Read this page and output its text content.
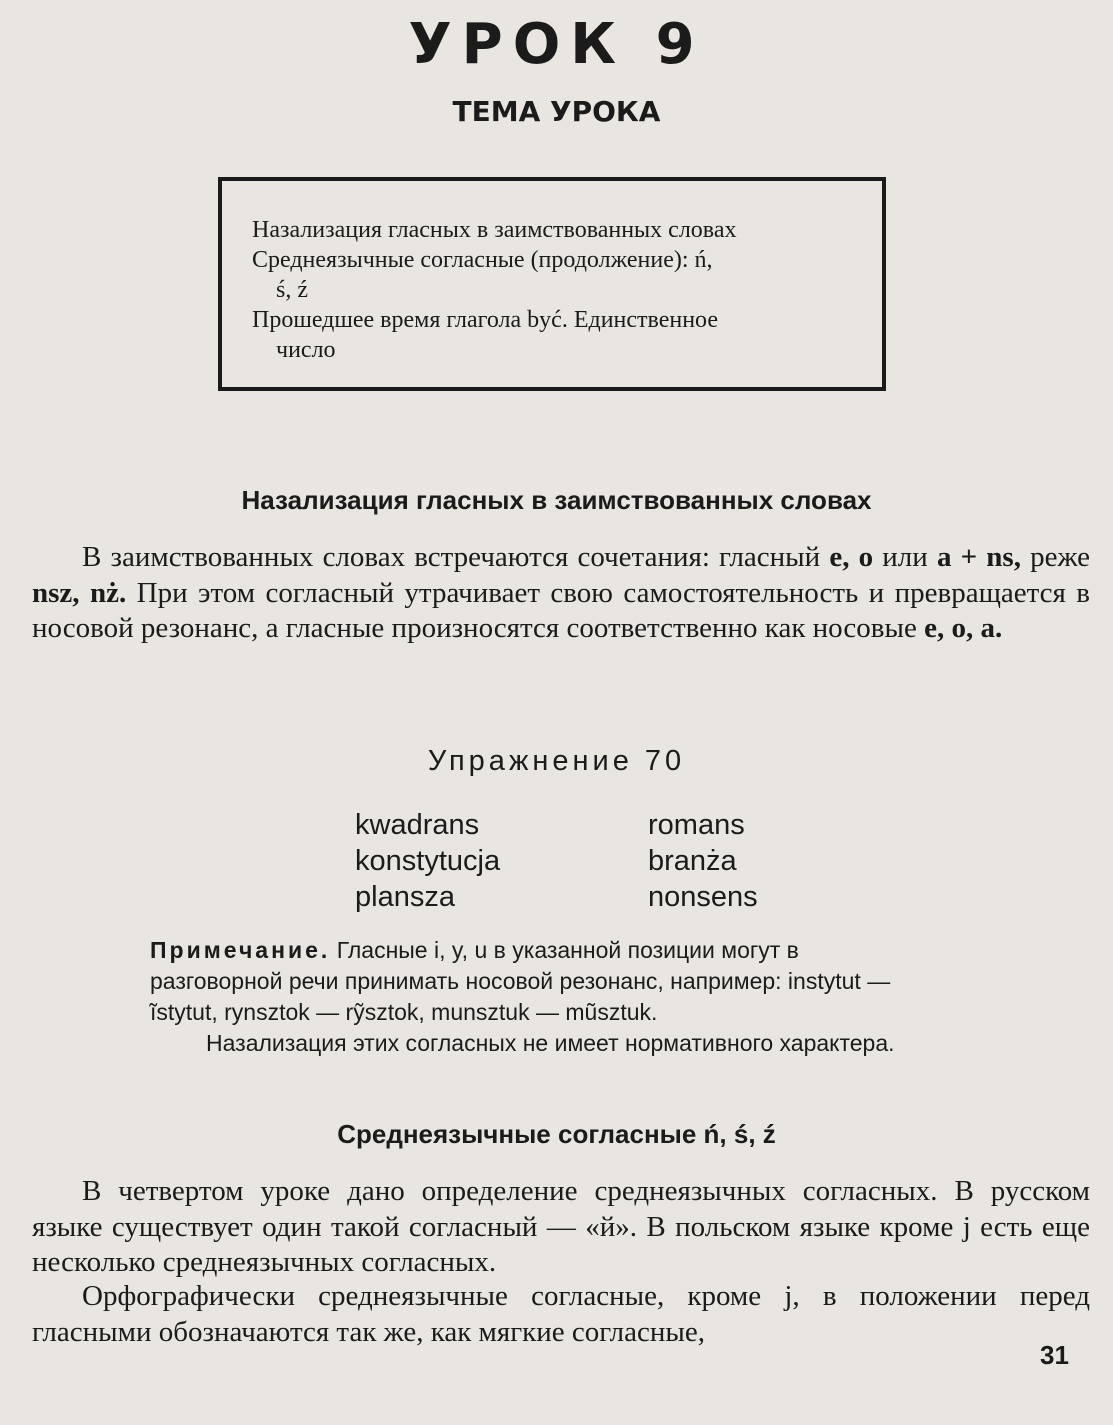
УРОК 9
ТЕМА УРОКА
Назализация гласных в заимствованных словах
Среднеязычные согласные (продолжение): ń,
ś, ź
Прошедшее время глагола być. Единственное
число
Назализация гласных в заимствованных словах
В заимствованных словах встречаются сочетания: гласный e, o или a + ns, реже nsz, nż. При этом согласный утрачивает свою самостоятельность и превращается в носовой резонанс, а гласные произносятся соответственно как носовые e, o, a.
Упражнение 70
kwadrans
konstytucja
plansza
romans
branża
nonsens
Примечание. Гласные i, y, u в указанной позиции могут в
разговорной речи принимать носовой резонанс, например: instytut —
ĩstytut, rynsztok — rỹsztok, munsztuk — mũsztuk.
Назализация этих согласных не имеет нормативного характера.
Среднеязычные согласные ń, ś, ź
В четвертом уроке дано определение среднеязычных согласных. В русском языке существует один такой согласный — «й». В польском языке кроме j есть еще несколько среднеязычных согласных.
Орфографически среднеязычные согласные, кроме j, в положении перед гласными обозначаются так же, как мягкие согласные,
31
